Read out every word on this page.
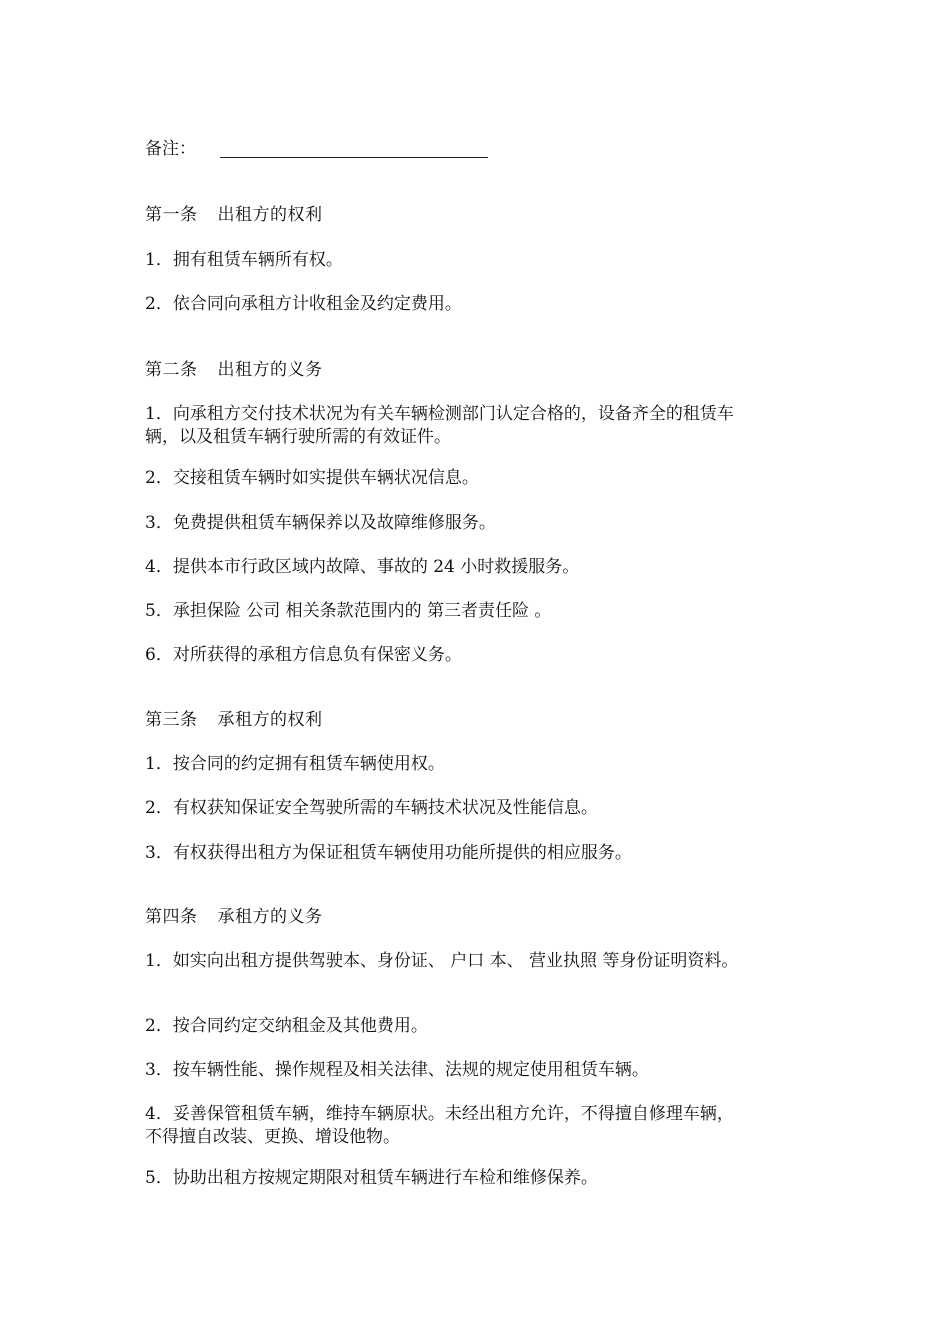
备注：
第一条 出租方的权利
1．拥有租赁车辆所有权。
2．依合同向承租方计收租金及约定费用。
第二条 出租方的义务
1．向承租方交付技术状况为有关车辆检测部门认定合格的，设备齐全的租赁车
辆，以及租赁车辆行驶所需的有效证件。
2．交接租赁车辆时如实提供车辆状况信息。
3．免费提供租赁车辆保养以及故障维修服务。
4．提供本市行政区域内故障、事故的 24 小时救援服务。
5．承担保险 公司 相关条款范围内的 第三者责任险 。
6．对所获得的承租方信息负有保密义务。
第三条 承租方的权利
1．按合同的约定拥有租赁车辆使用权。
2．有权获知保证安全驾驶所需的车辆技术状况及性能信息。
3．有权获得出租方为保证租赁车辆使用功能所提供的相应服务。
第四条 承租方的义务
1．如实向出租方提供驾驶本、身份证、 户口 本、 营业执照 等身份证明资料。
2．按合同约定交纳租金及其他费用。
3．按车辆性能、操作规程及相关法律、法规的规定使用租赁车辆。
4．妥善保管租赁车辆，维持车辆原状。未经出租方允许，不得擅自修理车辆，
不得擅自改装、更换、增设他物。
5．协助出租方按规定期限对租赁车辆进行车检和维修保养。
